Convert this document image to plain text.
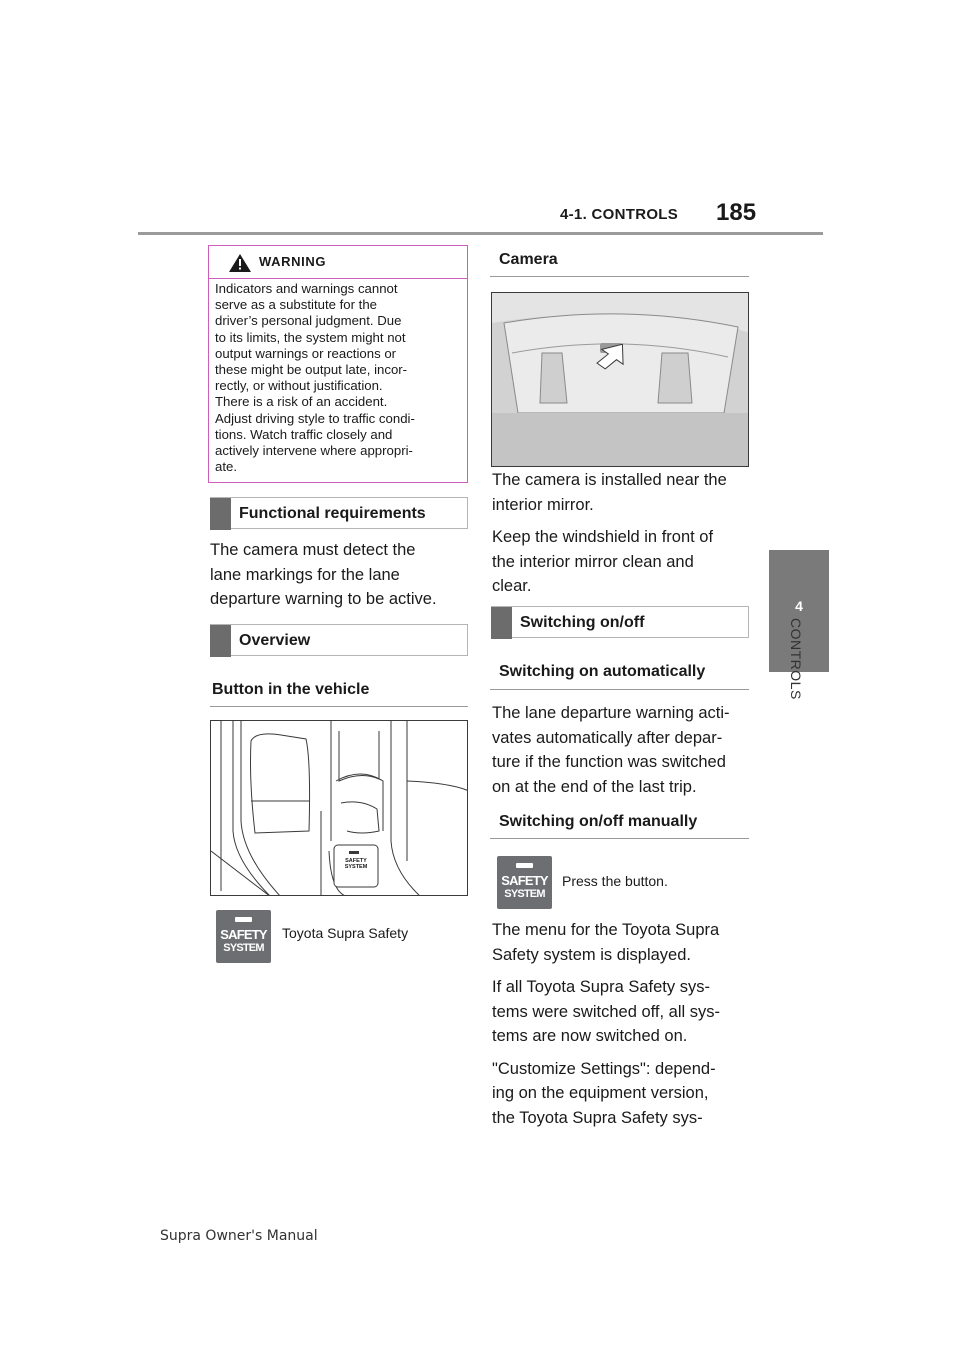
4-1. CONTROLS 185
4
CONTROLS
WARNING

Indicators and warnings cannot

serve as a substitute for the

driver’s personal judgment. Due

to its limits, the system might not

output warnings or reactions or

these might be output late, incor-

rectly, or without justification.

There is a risk of an accident.

Adjust driving style to traffic condi-

tions. Watch traffic closely and

actively intervene where appropri-

ate.

Functional requirements

The camera must detect the

lane markings for the lane

departure warning to be active.

Overview
Button in the vehicle
SAFETY
SYSTEM
SAFETY
SYSTEM
Toyota Supra Safety
Camera

The camera is installed near the

interior mirror.

Keep the windshield in front of

the interior mirror clean and

clear.

Switching on/off
Switching on automatically

The lane departure warning acti-

vates automatically after depar-

ture if the function was switched

on at the end of the last trip.

Switching on/off manually
SAFETY
SYSTEM
Press the button.

The menu for the Toyota Supra

Safety system is displayed.

If all Toyota Supra Safety sys-

tems were switched off, all sys-

tems are now switched on.

"Customize Settings": depend-

ing on the equipment version,

the Toyota Supra Safety sys-

Supra Owner's Manual
